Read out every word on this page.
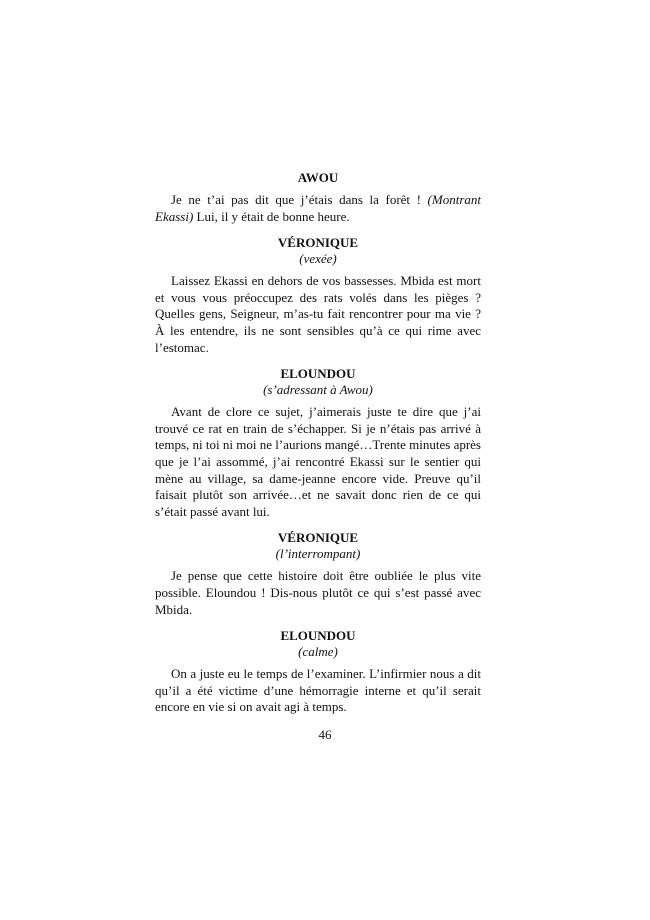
AWOU

Je ne t’ai pas dit que j’étais dans la forêt ! (Montrant Ekassi) Lui, il y était de bonne heure.

VÉRONIQUE

(vexée)

Laissez Ekassi en dehors de vos bassesses. Mbida est mort et vous vous préoccupez des rats volés dans les pièges ? Quelles gens, Seigneur, m’as-tu fait rencontrer pour ma vie ? À les entendre, ils ne sont sensibles qu’à ce qui rime avec l’estomac.

ELOUNDOU

(s’adressant à Awou)

Avant de clore ce sujet, j’aimerais juste te dire que j’ai trouvé ce rat en train de s’échapper. Si je n’étais pas arrivé à temps, ni toi ni moi ne l’aurions mangé…Trente minutes après que je l’ai assommé, j’ai rencontré Ekassi sur le sentier qui mène au village, sa dame-jeanne encore vide. Preuve qu’il faisait plutôt son arrivée…et ne savait donc rien de ce qui s’était passé avant lui.

VÉRONIQUE

(l’interrompant)

Je pense que cette histoire doit être oubliée le plus vite possible. Eloundou ! Dis-nous plutôt ce qui s’est passé avec Mbida.

ELOUNDOU

(calme)

On a juste eu le temps de l’examiner. L’infirmier nous a dit qu’il a été victime d’une hémorragie interne et qu’il serait encore en vie si on avait agi à temps.

46
